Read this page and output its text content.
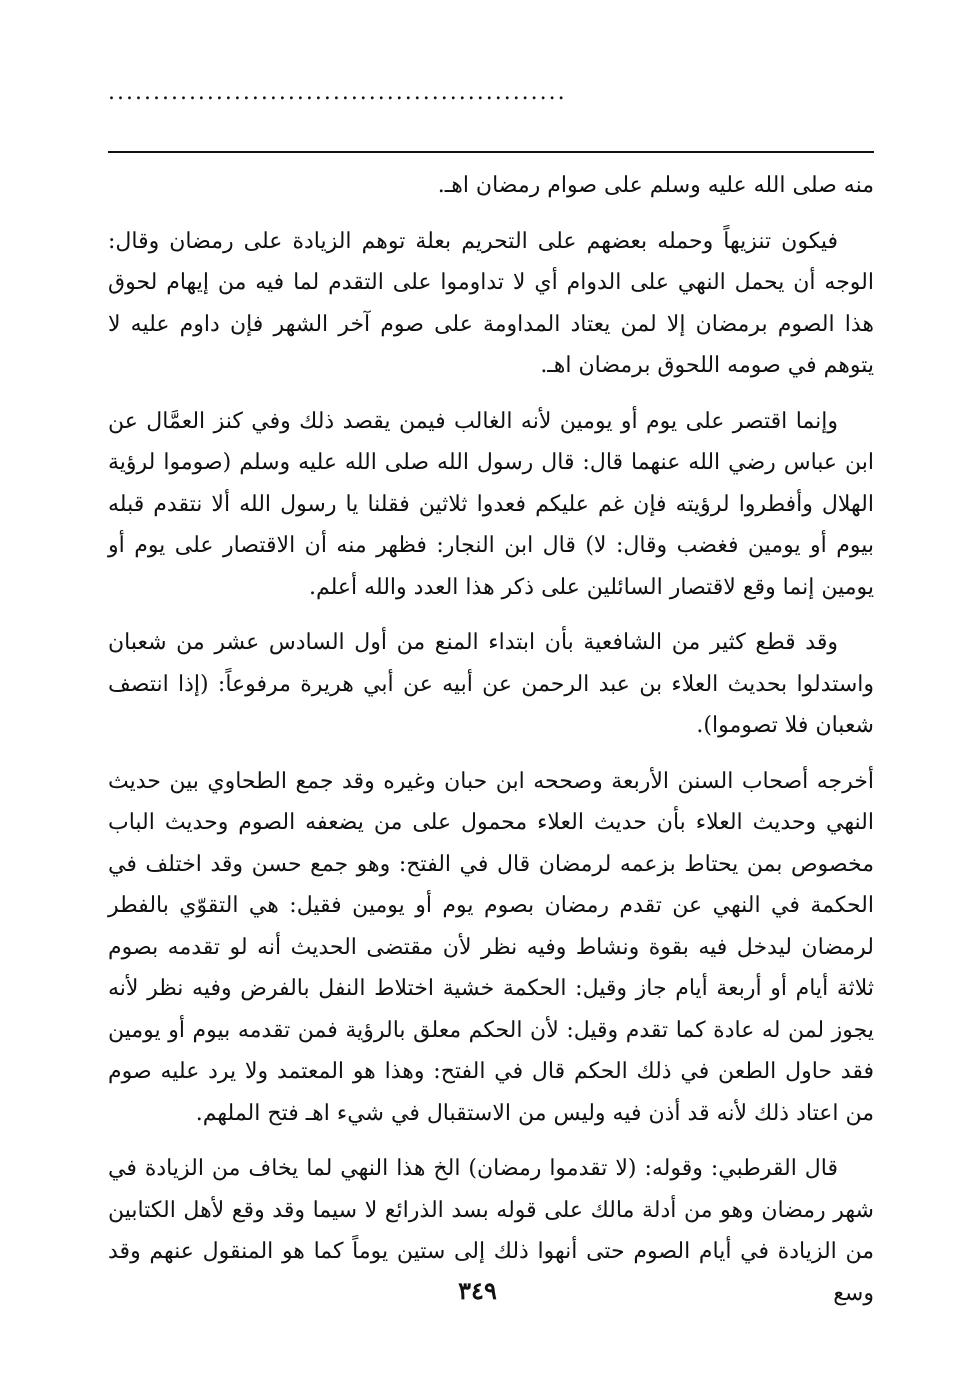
...................................................

منه صلى الله عليه وسلم على صوام رمضان اهـ.

فيكون تنزيهاً وحمله بعضهم على التحريم بعلة توهم الزيادة على رمضان وقال: الوجه أن يحمل النهي على الدوام أي لا تداوموا على التقدم لما فيه من إيهام لحوق هذا الصوم برمضان إلا لمن يعتاد المداومة على صوم آخر الشهر فإن داوم عليه لا يتوهم في صومه اللحوق برمضان اهـ.

وإنما اقتصر على يوم أو يومين لأنه الغالب فيمن يقصد ذلك وفي كنز العمَّال عن ابن عباس رضي الله عنهما قال: قال رسول الله صلى الله عليه وسلم (صوموا لرؤية الهلال وأفطروا لرؤيته فإن غم عليكم فعدوا ثلاثين فقلنا يا رسول الله ألا نتقدم قبله بيوم أو يومين فغضب وقال: لا) قال ابن النجار: فظهر منه أن الاقتصار على يوم أو يومين إنما وقع لاقتصار السائلين على ذكر هذا العدد والله أعلم.

وقد قطع كثير من الشافعية بأن ابتداء المنع من أول السادس عشر من شعبان واستدلوا بحديث العلاء بن عبد الرحمن عن أبيه عن أبي هريرة مرفوعاً: (إذا انتصف شعبان فلا تصوموا).

أخرجه أصحاب السنن الأربعة وصححه ابن حبان وغيره وقد جمع الطحاوي بين حديث النهي وحديث العلاء بأن حديث العلاء محمول على من يضعفه الصوم وحديث الباب مخصوص بمن يحتاط بزعمه لرمضان قال في الفتح: وهو جمع حسن وقد اختلف في الحكمة في النهي عن تقدم رمضان بصوم يوم أو يومين فقيل: هي التقوّي بالفطر لرمضان ليدخل فيه بقوة ونشاط وفيه نظر لأن مقتضى الحديث أنه لو تقدمه بصوم ثلاثة أيام أو أربعة أيام جاز وقيل: الحكمة خشية اختلاط النفل بالفرض وفيه نظر لأنه يجوز لمن له عادة كما تقدم وقيل: لأن الحكم معلق بالرؤية فمن تقدمه بيوم أو يومين فقد حاول الطعن في ذلك الحكم قال في الفتح: وهذا هو المعتمد ولا يرد عليه صوم من اعتاد ذلك لأنه قد أذن فيه وليس من الاستقبال في شيء اهـ فتح الملهم.

قال القرطبي: وقوله: (لا تقدموا رمضان) الخ هذا النهي لما يخاف من الزيادة في شهر رمضان وهو من أدلة مالك على قوله بسد الذرائع لا سيما وقد وقع لأهل الكتابين من الزيادة في أيام الصوم حتى أنهوا ذلك إلى ستين يوماً كما هو المنقول عنهم وقد وسع

٣٤٩
